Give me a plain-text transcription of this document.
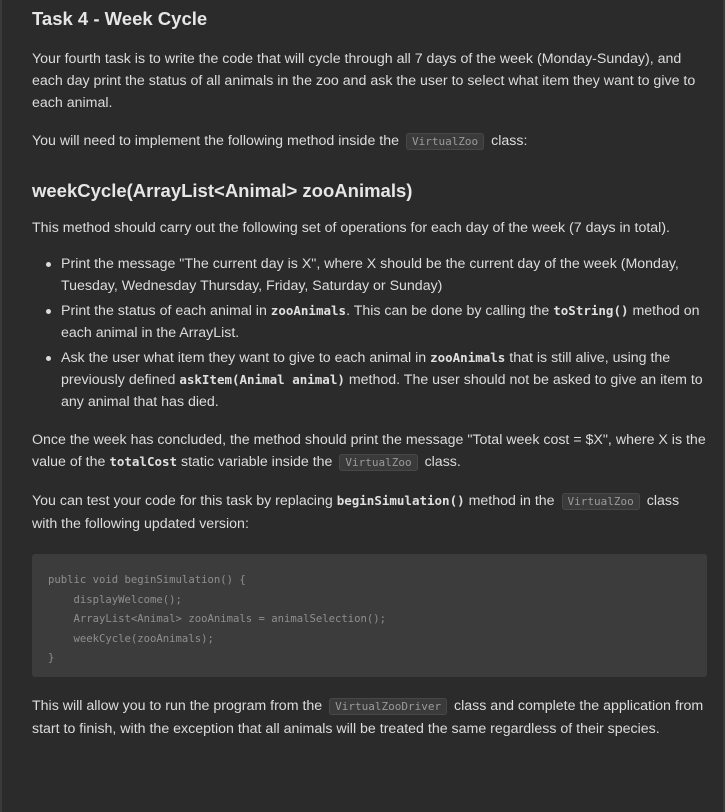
Task 4 - Week Cycle

Your fourth task is to write the code that will cycle through all 7 days of the week (Monday-Sunday), and each day print the status of all animals in the zoo and ask the user to select what item they want to give to each animal.

You will need to implement the following method inside the VirtualZoo class:

weekCycle(ArrayList<Animal> zooAnimals)

This method should carry out the following set of operations for each day of the week (7 days in total).

Print the message "The current day is X", where X should be the current day of the week (Monday, Tuesday, Wednesday Thursday, Friday, Saturday or Sunday)
Print the status of each animal in zooAnimals. This can be done by calling the toString() method on each animal in the ArrayList.
Ask the user what item they want to give to each animal in zooAnimals that is still alive, using the previously defined askItem(Animal animal) method. The user should not be asked to give an item to any animal that has died.

Once the week has concluded, the method should print the message "Total week cost = $X", where X is the value of the totalCost static variable inside the VirtualZoo class.

You can test your code for this task by replacing beginSimulation() method in the VirtualZoo class with the following updated version:

public void beginSimulation() {
displayWelcome();
ArrayList<Animal> zooAnimals = animalSelection();
weekCycle(zooAnimals);
}

This will allow you to run the program from the VirtualZooDriver class and complete the application from start to finish, with the exception that all animals will be treated the same regardless of their species.
